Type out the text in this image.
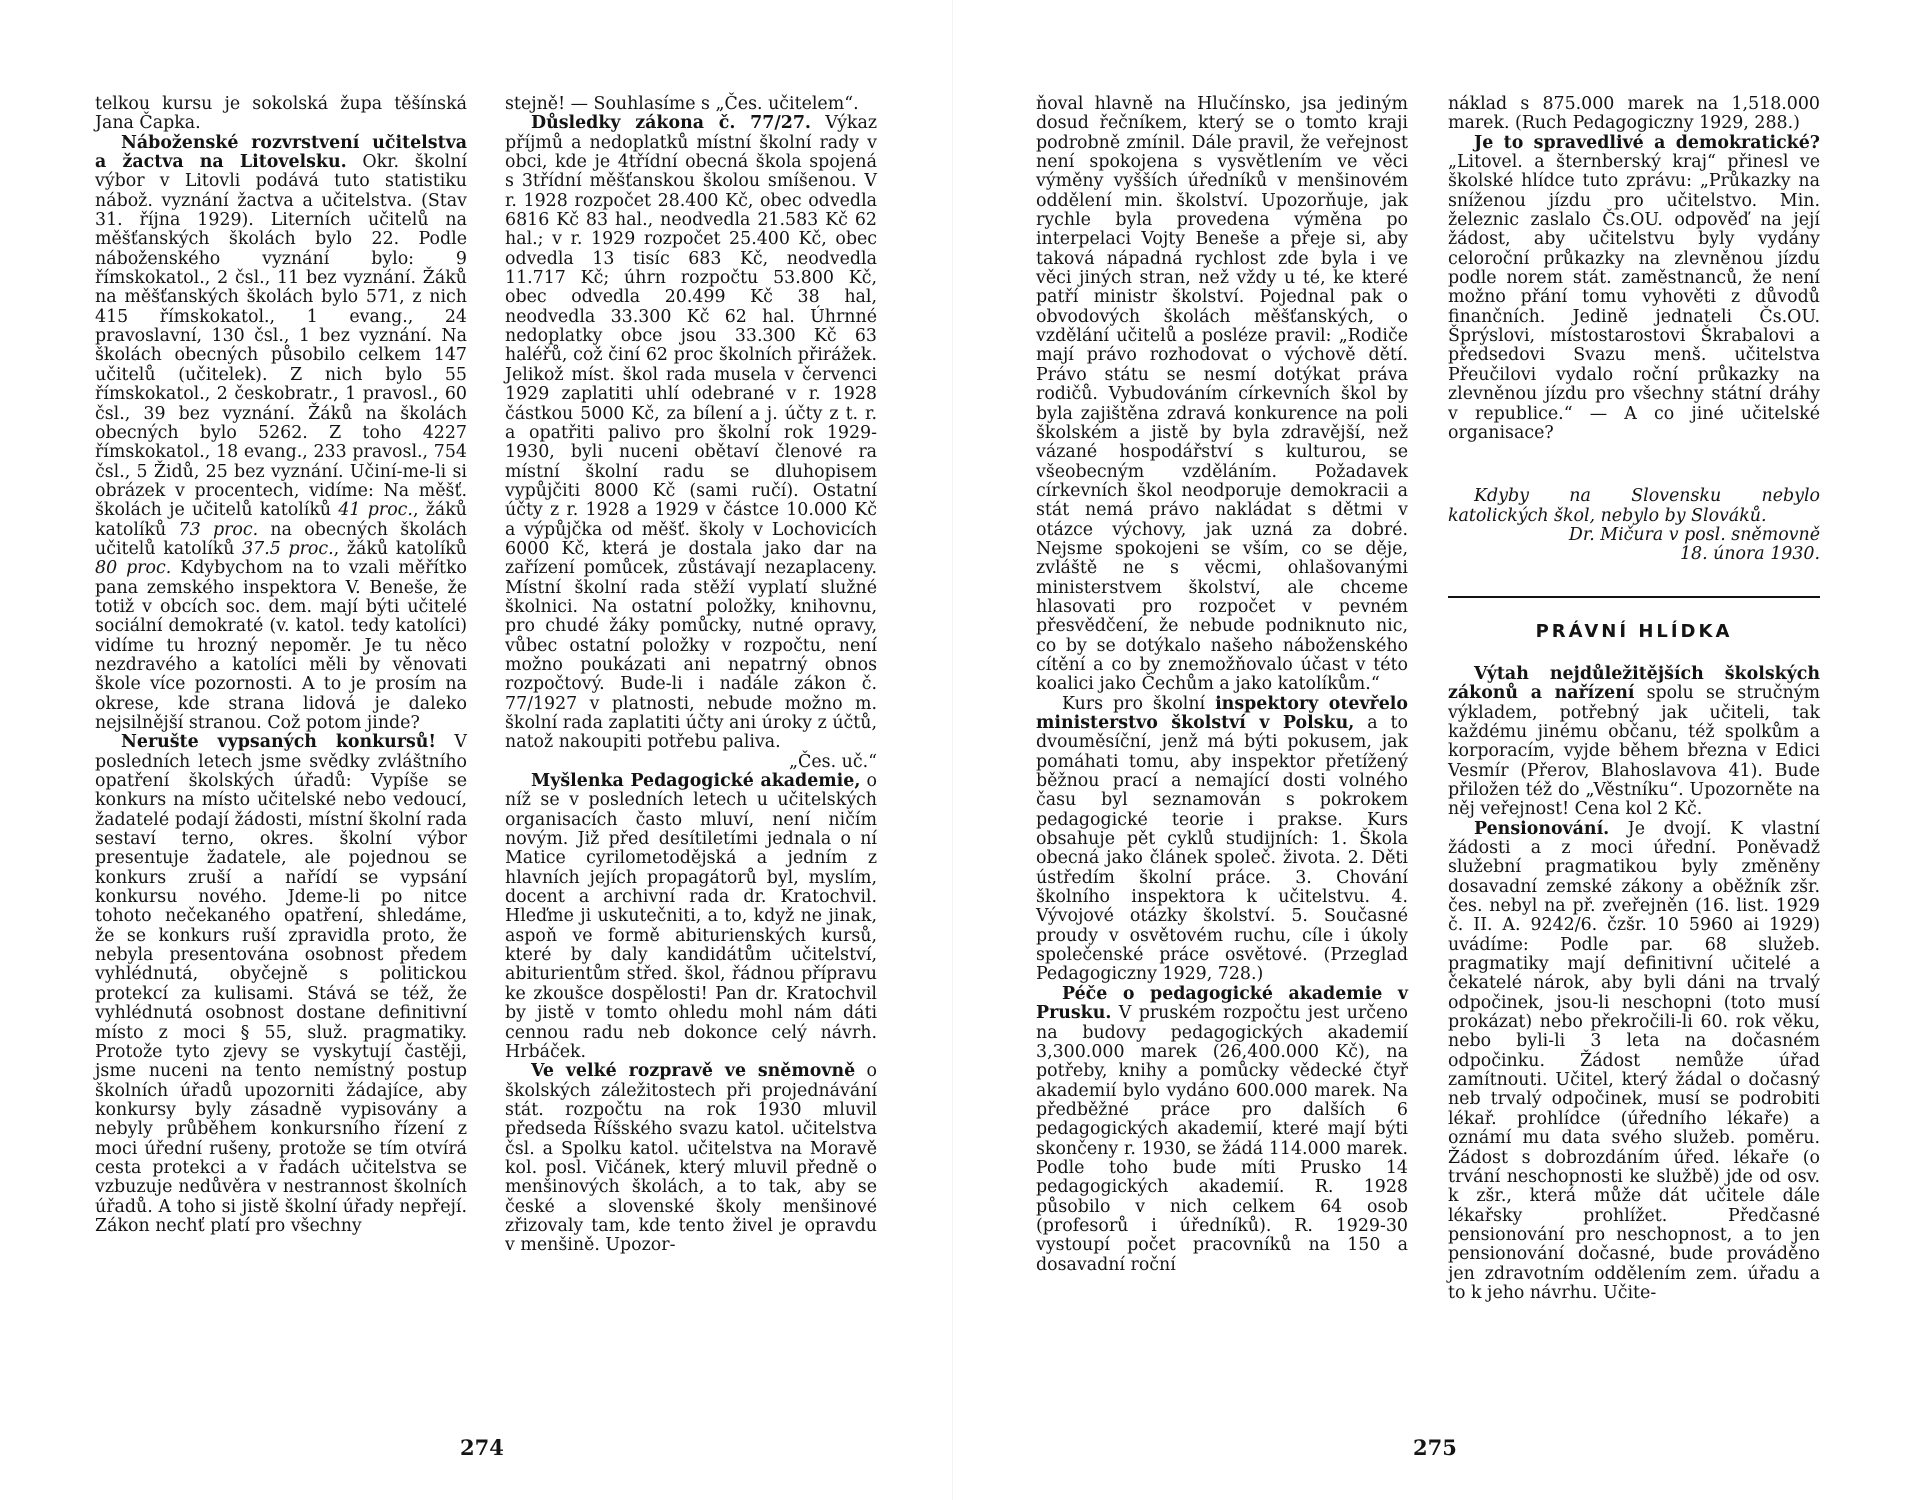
telkou kursu je sokolská župa těšínská Jana Čapka.

Náboženské rozvrstvení učitelstva a žactva na Litovelsku. Okr. školní výbor v Litovli podává tuto statistiku nábož. vyznání žactva a učitelstva. (Stav 31. října 1929). Literních učitelů na měšťanských školách bylo 22. Podle náboženského vyznání bylo: 9 římskokatol., 2 čsl., 11 bez vyznání. Žáků na měšťanských školách bylo 571, z nich 415 římskokatol., 1 evang., 24 pravoslavní, 130 čsl., 1 bez vyznání. Na školách obecných působilo celkem 147 učitelů (učitelek). Z nich bylo 55 římskokatol., 2 českobratr., 1 pravosl., 60 čsl., 39 bez vyznání. Žáků na školách obecných bylo 5262. Z toho 4227 římskokatol., 18 evang., 233 pravosl., 754 čsl., 5 Židů, 25 bez vyznání. Učiní-me-li si obrázek v procentech, vidíme: Na měšť. školách je učitelů katolíků 41 proc., žáků katolíků 73 proc. na obecných školách učitelů katolíků 37.5 proc., žáků katolíků 80 proc. Kdybychom na to vzali měřítko pana zemského inspektora V. Beneše, že totiž v obcích soc. dem. mají býti učitelé sociální demokraté (v. katol. tedy katolíci) vidíme tu hrozný nepoměr. Je tu něco nezdravého a katolíci měli by věnovati škole více pozornosti. A to je prosím na okrese, kde strana lidová je daleko nejsilnější stranou. Což potom jinde?

Nerušte vypsaných konkursů! V posledních letech jsme svědky zvláštního opatření školských úřadů: Vypíše se konkurs na místo učitelské nebo vedoucí, žadatelé podají žádosti, místní školní rada sestaví terno, okres. školní výbor presentuje žadatele, ale pojednou se konkurs zruší a nařídí se vypsání konkursu nového. Jdeme-li po nitce tohoto nečekaného opatření, shledáme, že se konkurs ruší zpravidla proto, že nebyla presentována osobnost předem vyhlédnutá, obyčejně s politickou protekcí za kulisami. Stává se též, že vyhlédnutá osobnost dostane definitivní místo z moci § 55, služ. pragmatiky. Protože tyto zjevy se vyskytují častěji, jsme nuceni na tento nemístný postup školních úřadů upozorniti žádajíce, aby konkursy byly zásadně vypisovány a nebyly průběhem konkursního řízení z moci úřední rušeny, protože se tím otvírá cesta protekci a v řadách učitelstva se vzbuzuje nedůvěra v nestrannost školních úřadů. A toho si jistě školní úřady nepřejí. Zákon nechť platí pro všechny

stejně! — Souhlasíme s „Čes. učitelem“.

Důsledky zákona č. 77/27. Výkaz příjmů a nedoplatků místní školní rady v obci, kde je 4třídní obecná škola spojená s 3třídní měšťanskou školou smíšenou. V r. 1928 rozpočet 28.400 Kč, obec odvedla 6816 Kč 83 hal., neodvedla 21.583 Kč 62 hal.; v r. 1929 rozpočet 25.400 Kč, obec odvedla 13 tisíc 683 Kč, neodvedla 11.717 Kč; úhrn rozpočtu 53.800 Kč, obec odvedla 20.499 Kč 38 hal, neodvedla 33.300 Kč 62 hal. Úhrnné nedoplatky obce jsou 33.300 Kč 63 haléřů, což činí 62 proc školních přirážek. Jelikož míst. škol rada musela v červenci 1929 zaplatiti uhlí odebrané v r. 1928 částkou 5000 Kč, za bílení a j. účty z t. r. a opatřiti palivo pro školní rok 1929-1930, byli nuceni obětaví členové ra místní školní radu se dluhopisem vypůjčiti 8000 Kč (sami ručí). Ostatní účty z r. 1928 a 1929 v částce 10.000 Kč a výpůjčka od měšť. školy v Lochovicích 6000 Kč, která je dostala jako dar na zařízení pomůcek, zůstávají nezaplaceny. Místní školní rada stěží vyplatí služné školnici. Na ostatní položky, knihovnu, pro chudé žáky pomůcky, nutné opravy, vůbec ostatní položky v rozpočtu, není možno poukázati ani nepatrný obnos rozpočtový. Bude-li i nadále zákon č. 77/1927 v platnosti, nebude možno m. školní rada zaplatiti účty ani úroky z účtů, natož nakoupiti potřebu paliva.

„Čes. uč.“

Myšlenka Pedagogické akademie, o níž se v posledních letech u učitelských organisacích často mluví, není ničím novým. Již před desítiletími jednala o ní Matice cyrilometodějská a jedním z hlavních jejích propagátorů byl, myslím, docent a archivní rada dr. Kratochvil. Hleďme ji uskutečniti, a to, když ne jinak, aspoň ve formě abiturienských kursů, které by daly kandidátům učitelství, abiturientům střed. škol, řádnou přípravu ke zkoušce dospělosti! Pan dr. Kratochvil by jistě v tomto ohledu mohl nám dáti cennou radu neb dokonce celý návrh. Hrbáček.

Ve velké rozpravě ve sněmovně o školských záležitostech při projednávání stát. rozpočtu na rok 1930 mluvil předseda Říšského svazu katol. učitelstva čsl. a Spolku katol. učitelstva na Moravě kol. posl. Vičánek, který mluvil předně o menšinových školách, a to tak, aby se české a slovenské školy menšinové zřizovaly tam, kde tento živel je opravdu v menšině. Upozor-

274

ňoval hlavně na Hlučínsko, jsa jediným dosud řečníkem, který se o tomto kraji podrobně zmínil. Dále pravil, že veřejnost není spokojena s vysvětlením ve věci výměny vyšších úředníků v menšinovém oddělení min. školství. Upozorňuje, jak rychle byla provedena výměna po interpelaci Vojty Beneše a přeje si, aby taková nápadná rychlost zde byla i ve věci jiných stran, než vždy u té, ke které patří ministr školství. Pojednal pak o obvodových školách měšťanských, o vzdělání učitelů a posléze pravil: „Rodiče mají právo rozhodovat o výchově dětí. Právo státu se nesmí dotýkat práva rodičů. Vybudováním církevních škol by byla zajištěna zdravá konkurence na poli školském a jistě by byla zdravější, než vázané hospodářství s kulturou, se všeobecným vzděláním. Požadavek církevních škol neodporuje demokracii a stát nemá právo nakládat s dětmi v otázce výchovy, jak uzná za dobré. Nejsme spokojeni se vším, co se děje, zvláště ne s věcmi, ohlašovanými ministerstvem školství, ale chceme hlasovati pro rozpočet v pevném přesvědčení, že nebude podniknuto nic, co by se dotýkalo našeho náboženského cítění a co by znemožňovalo účast v této koalici jako Čechům a jako katolíkům.“

Kurs pro školní inspektory otevřelo ministerstvo školství v Polsku, a to dvouměsíční, jenž má býti pokusem, jak pomáhati tomu, aby inspektor přetížený běžnou prací a nemající dosti volného času byl seznamován s pokrokem pedagogické teorie i prakse. Kurs obsahuje pět cyklů studijních: 1. Škola obecná jako článek společ. života. 2. Děti ústředím školní práce. 3. Chování školního inspektora k učitelstvu. 4. Vývojové otázky školství. 5. Současné proudy v osvětovém ruchu, cíle i úkoly společenské práce osvětové. (Przeglad Pedagogiczny 1929, 728.)

Péče o pedagogické akademie v Prusku. V pruském rozpočtu jest určeno na budovy pedagogických akademií 3,300.000 marek (26,400.000 Kč), na potřeby, knihy a pomůcky vědecké čtyř akademií bylo vydáno 600.000 marek. Na předběžné práce pro dalších 6 pedagogických akademií, které mají býti skončeny r. 1930, se žádá 114.000 marek. Podle toho bude míti Prusko 14 pedagogických akademií. R. 1928 působilo v nich celkem 64 osob (profesorů i úředníků). R. 1929-30 vystoupí počet pracovníků na 150 a dosavadní roční

náklad s 875.000 marek na 1,518.000 marek. (Ruch Pedagogiczny 1929, 288.)

Je to spravedlivé a demokratické? „Litovel. a šternberský kraj“ přinesl ve školské hlídce tuto zprávu: „Průkazky na sníženou jízdu pro učitelstvo. Min. železnic zaslalo Čs.OU. odpověď na její žádost, aby učitelstvu byly vydány celoroční průkazky na zlevněnou jízdu podle norem stát. zaměstnanců, že není možno přání tomu vyhověti z důvodů finančních. Jedině jednateli Čs.OU. Šprýslovi, místostarostovi Škrabalovi a předsedovi Svazu menš. učitelstva Přeučilovi vydalo roční průkazky na zlevněnou jízdu pro všechny státní dráhy v republice.“ — A co jiné učitelské organisace?

Kdyby na Slovensku nebylo katolických škol, nebylo by Slováků.

Dr. Mičura v posl. sněmovně

18. února 1930.

PRÁVNÍ HLÍDKA

Výtah nejdůležitějších školských zákonů a nařízení spolu se stručným výkladem, potřebný jak učiteli, tak každému jinému občanu, též spolkům a korporacím, vyjde během března v Edici Vesmír (Přerov, Blahoslavova 41). Bude přiložen též do „Věstníku“. Upozorněte na něj veřejnost! Cena kol 2 Kč.

Pensionování. Je dvojí. K vlastní žádosti a z moci úřední. Poněvadž služební pragmatikou byly změněny dosavadní zemské zákony a oběžník zšr. čes. nebyl na př. zveřejněn (16. list. 1929 č. II. A. 9242/6. čzšr. 10 5960 ai 1929) uvádíme: Podle par. 68 služeb. pragmatiky mají definitivní učitelé a čekatelé nárok, aby byli dáni na trvalý odpočinek, jsou-li neschopni (toto musí prokázat) nebo překročili-li 60. rok věku, nebo byli-li 3 leta na dočasném odpočinku. Žádost nemůže úřad zamítnouti. Učitel, který žádal o dočasný neb trvalý odpočinek, musí se podrobiti lékař. prohlídce (úředního lékaře) a oznámí mu data svého služeb. poměru. Žádost s dobrozdáním úřed. lékaře (o trvání neschopnosti ke službě) jde od osv. k zšr., která může dát učitele dále lékařsky prohlížet. Předčasné pensionování pro neschopnost, a to jen pensionování dočasné, bude prováděno jen zdravotním oddělením zem. úřadu a to k jeho návrhu. Učite-

275
